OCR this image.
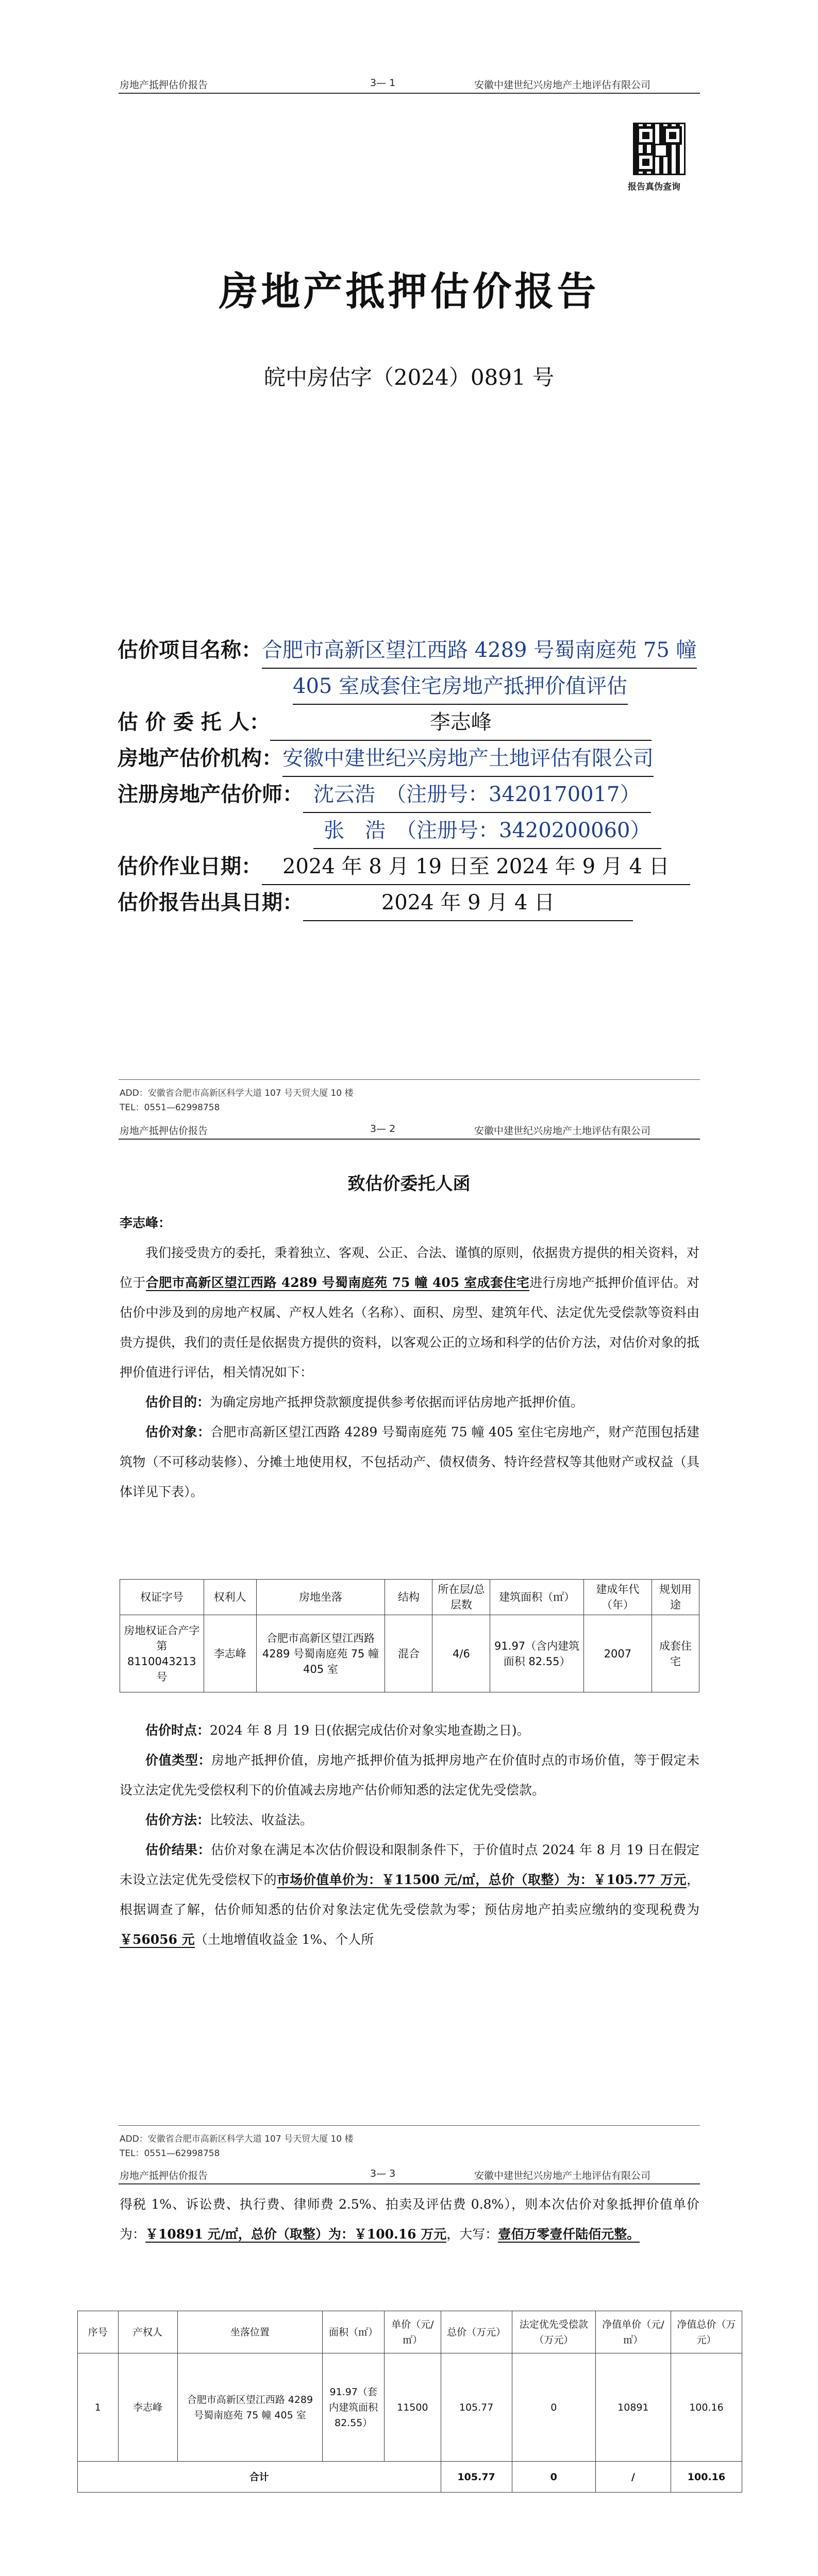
房地产抵押估价报告	3— 1	安徽中建世纪兴房地产土地评估有限公司
报告真伪查询
房地产抵押估价报告
皖中房估字（2024）0891 号
估价项目名称：合肥市高新区望江西路 4289 号蜀南庭苑 75 幢
405 室成套住宅房地产抵押价值评估
估 价 委 托 人：	李志峰
房地产估价机构：安徽中建世纪兴房地产土地评估有限公司
注册房地产估价师： 沈云浩　（注册号：3420170017）
张　浩　（注册号：3420200060）
估价作业日期： 2024 年 8 月 19 日至 2024 年 9 月 4 日
估价报告出具日期：	2024 年 9 月 4 日
ADD：安徽省合肥市高新区科学大道 107 号天贸大厦 10 楼
TEL：0551—62998758
房地产抵押估价报告	3— 2	安徽中建世纪兴房地产土地评估有限公司
致估价委托人函
李志峰：
我们接受贵方的委托，秉着独立、客观、公正、合法、谨慎的原则，依据贵方提供的相关资料，对位于合肥市高新区望江西路 4289 号蜀南庭苑 75 幢 405 室成套住宅进行房地产抵押价值评估。对估价中涉及到的房地产权属、产权人姓名（名称）、面积、房型、建筑年代、法定优先受偿款等资料由贵方提供，我们的责任是依据贵方提供的资料，以客观公正的立场和科学的估价方法，对估价对象的抵押价值进行评估，相关情况如下：
估价目的：为确定房地产抵押贷款额度提供参考依据而评估房地产抵押价值。
估价对象：合肥市高新区望江西路 4289 号蜀南庭苑 75 幢 405 室住宅房地产，财产范围包括建筑物（不可移动装修）、分摊土地使用权，不包括动产、债权债务、特许经营权等其他财产或权益（具体详见下表）。
权证字号	权利人	房地坐落	结构	所在层/总层数	建筑面积（㎡）	建成年代（年）	规划用途
房地权证合产字第 8110043213 号	李志峰	合肥市高新区望江西路 4289 号蜀南庭苑 75 幢 405 室	混合	4/6	91.97（含内建筑面积 82.55）	2007	成套住宅
估价时点：2024 年 8 月 19 日(依据完成估价对象实地查勘之日)。
价值类型：房地产抵押价值，房地产抵押价值为抵押房地产在价值时点的市场价值，等于假定未设立法定优先受偿权利下的价值减去房地产估价师知悉的法定优先受偿款。
估价方法：比较法、收益法。
估价结果：估价对象在满足本次估价假设和限制条件下，于价值时点 2024 年 8 月 19 日在假定未设立法定优先受偿权下的市场价值单价为：￥11500 元/㎡，总价（取整）为：￥105.77 万元，根据调查了解，估价师知悉的估价对象法定优先受偿款为零；预估房地产拍卖应缴纳的变现税费为￥56056 元（土地增值收益金 1%、个人所
ADD：安徽省合肥市高新区科学大道 107 号天贸大厦 10 楼
TEL：0551—62998758
房地产抵押估价报告	3— 3	安徽中建世纪兴房地产土地评估有限公司
得税 1%、诉讼费、执行费、律师费 2.5%、拍卖及评估费 0.8%），则本次估价对象抵押价值单价为：￥10891 元/㎡，总价（取整）为：￥100.16 万元，大写：壹佰万零壹仟陆佰元整。
序号	产权人	坐落位置	面积（㎡）	单价（元/㎡）	总价（万元）	法定优先受偿款（万元）	净值单价（元/㎡）	净值总价（万元）
1	李志峰	合肥市高新区望江西路 4289 号蜀南庭苑 75 幢 405 室	91.97（套内建筑面积 82.55）	11500	105.77	0	10891	100.16
合计					105.77	0	/	100.16
